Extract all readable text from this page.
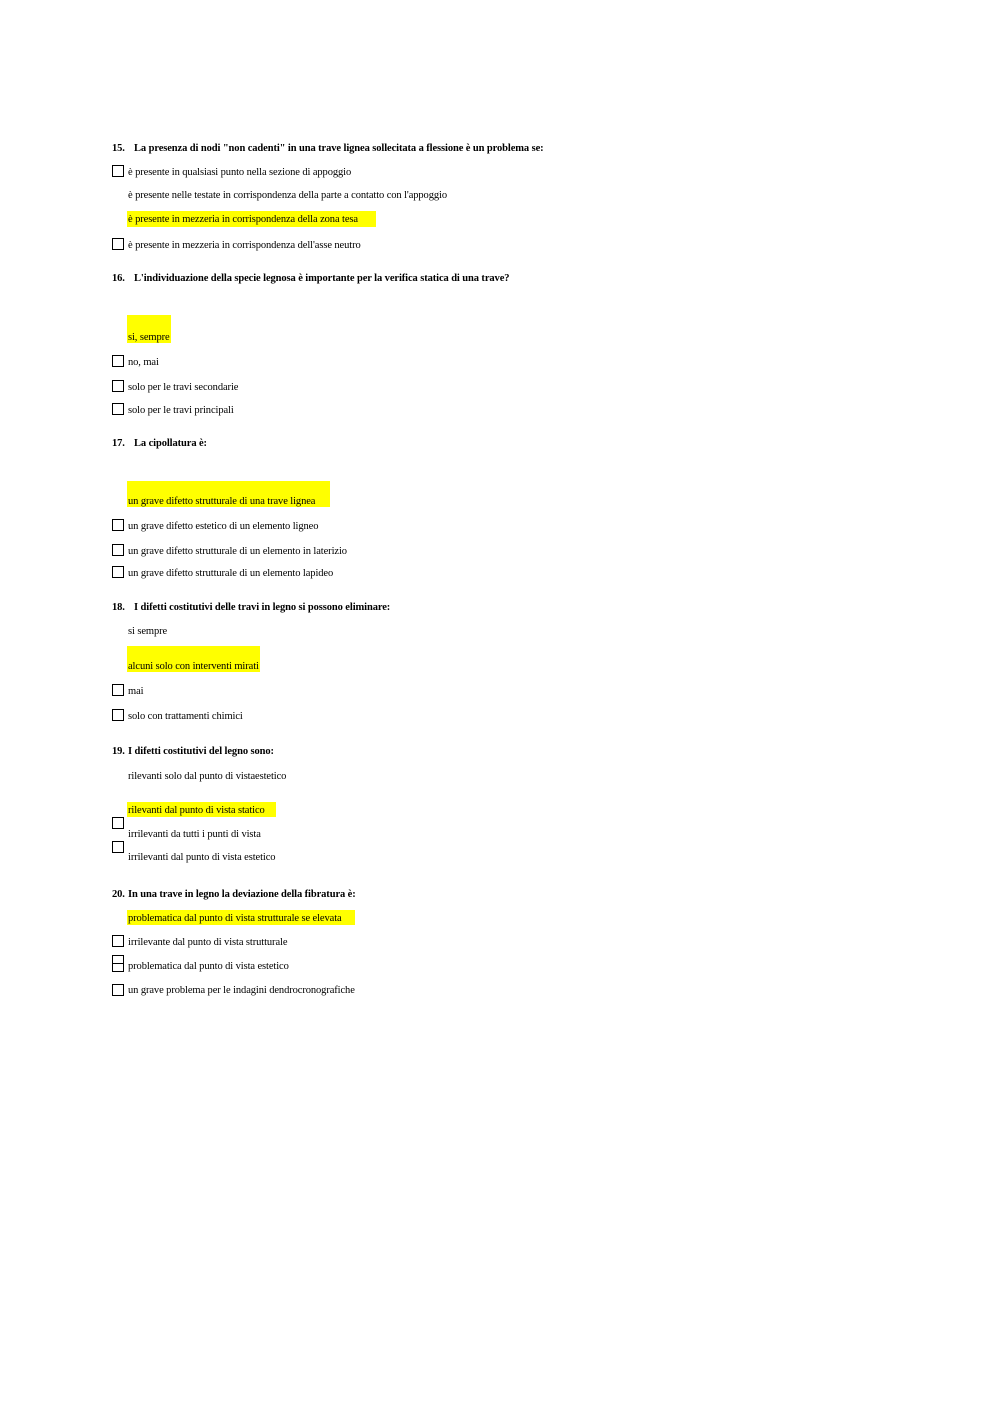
15. La presenza di nodi "non cadenti" in una trave lignea sollecitata a flessione è un problema se:
è presente in qualsiasi punto nella sezione di appoggio
è presente nelle testate in corrispondenza della parte a contatto con l'appoggio
è presente in mezzeria in corrispondenza della zona tesa
è presente in mezzeria in corrispondenza dell'asse neutro
16. L'individuazione della specie legnosa è importante per la verifica statica di una trave?
si, sempre
no, mai
solo per le travi secondarie
solo per le travi principali
17. La cipollatura è:
un grave difetto strutturale di una trave lignea
un grave difetto estetico di un elemento ligneo
un grave difetto strutturale di un elemento in laterizio
un grave difetto strutturale di un elemento lapideo
18. I difetti costitutivi delle travi in legno si possono eliminare:
si sempre
alcuni solo con interventi mirati
mai
solo con trattamenti chimici
19. I difetti costitutivi del legno sono:
rilevanti solo dal punto di vistaestetico
rilevanti dal punto di vista statico
irrilevanti da tutti i punti di vista
irrilevanti dal punto di vista estetico
20. In una trave in legno la deviazione della fibratura è:
problematica dal punto di vista strutturale se elevata
irrilevante dal punto di vista strutturale
problematica dal punto di vista estetico
un grave problema per le indagini dendrocronografiche
